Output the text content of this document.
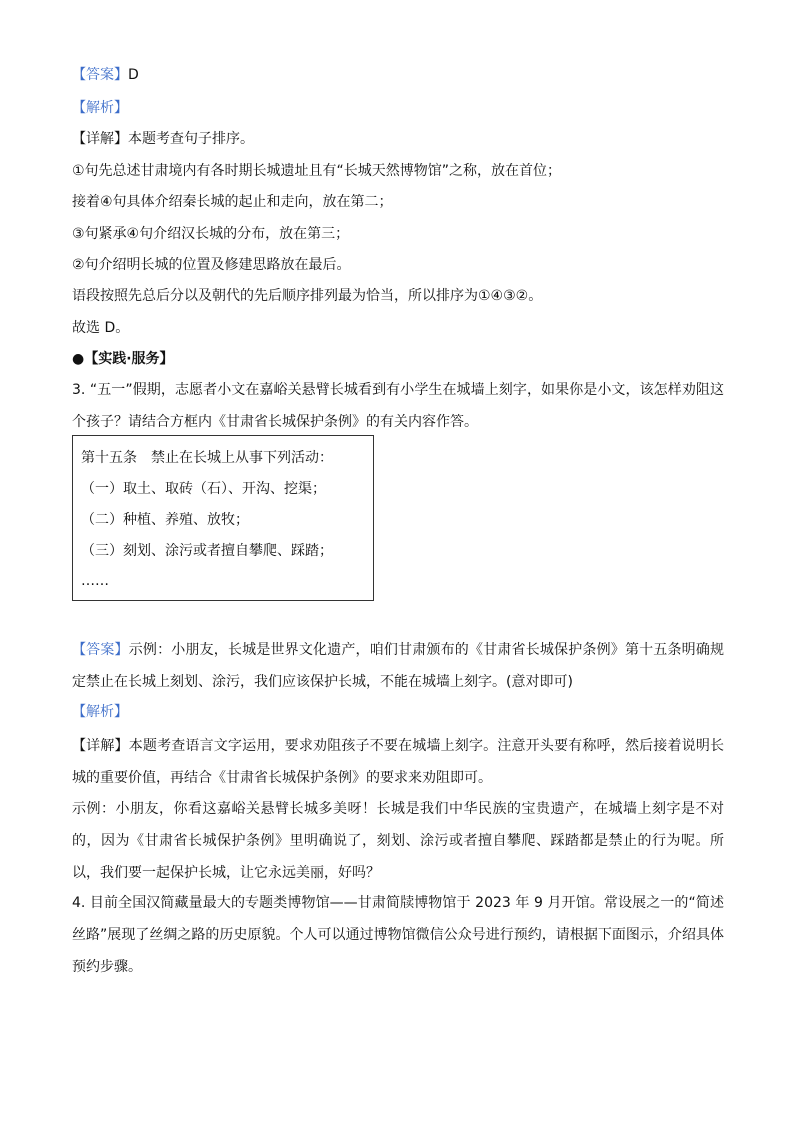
【答案】D
【解析】
【详解】本题考查句子排序。
①句先总述甘肃境内有各时期长城遗址且有“长城天然博物馆”之称，放在首位；
接着④句具体介绍秦长城的起止和走向，放在第二；
③句紧承④句介绍汉长城的分布，放在第三；
②句介绍明长城的位置及修建思路放在最后。
语段按照先总后分以及朝代的先后顺序排列最为恰当，所以排序为①④③②。
故选 D。
●【实践·服务】
3. “五一”假期，志愿者小文在嘉峪关悬臂长城看到有小学生在城墙上刻字，如果你是小文，该怎样劝阻这个孩子？请结合方框内《甘肃省长城保护条例》的有关内容作答。
第十五条　禁止在长城上从事下列活动：
（一）取土、取砖（石）、开沟、挖渠；
（二）种植、养殖、放牧；
（三）刻划、涂污或者擅自攀爬、踩踏；
……
【答案】示例：小朋友，长城是世界文化遗产，咱们甘肃颁布的《甘肃省长城保护条例》第十五条明确规定禁止在长城上刻划、涂污，我们应该保护长城，不能在城墙上刻字。(意对即可)
【解析】
【详解】本题考查语言文字运用，要求劝阻孩子不要在城墙上刻字。注意开头要有称呼，然后接着说明长城的重要价值，再结合《甘肃省长城保护条例》的要求来劝阻即可。
示例：小朋友，你看这嘉峪关悬臂长城多美呀！长城是我们中华民族的宝贵遗产，在城墙上刻字是不对的，因为《甘肃省长城保护条例》里明确说了，刻划、涂污或者擅自攀爬、踩踏都是禁止的行为呢。所以，我们要一起保护长城，让它永远美丽，好吗？
4. 目前全国汉简藏量最大的专题类博物馆——甘肃简牍博物馆于 2023 年 9 月开馆。常设展之一的“简述丝路”展现了丝绸之路的历史原貌。个人可以通过博物馆微信公众号进行预约，请根据下面图示，介绍具体预约步骤。
